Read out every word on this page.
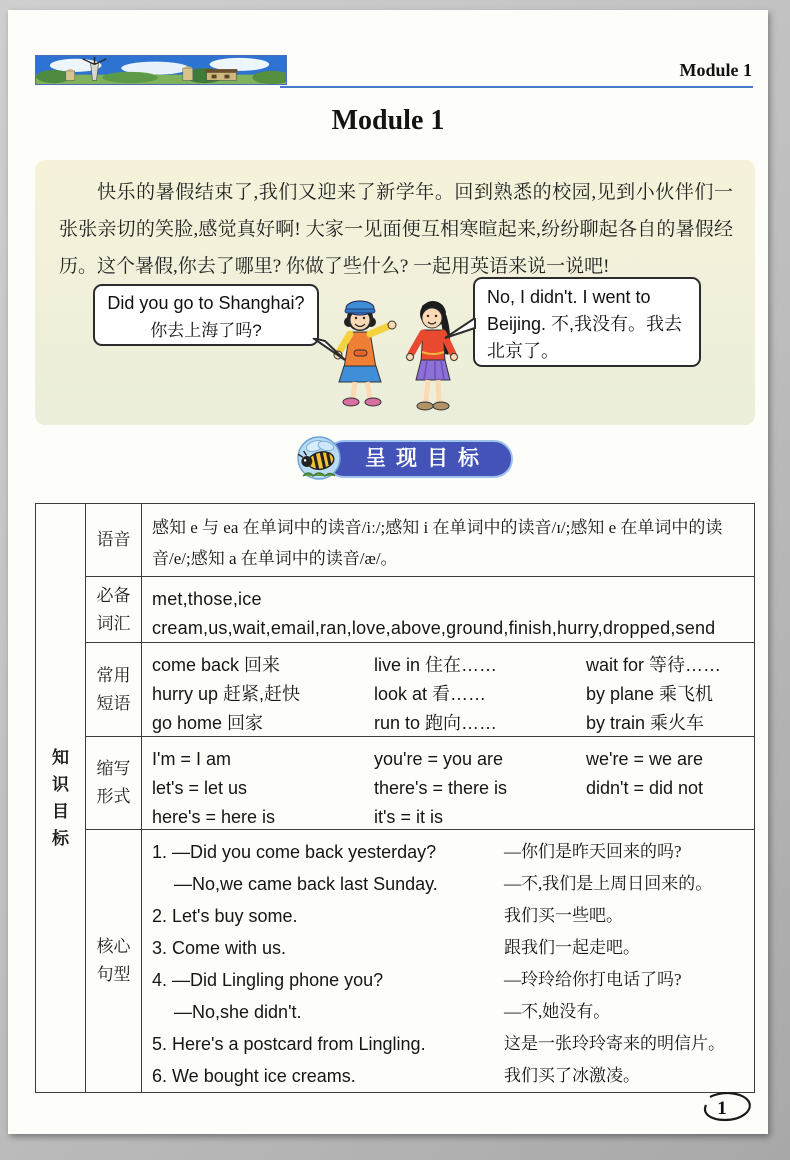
Module 1
Module 1

快乐的暑假结束了,我们又迎来了新学年。回到熟悉的校园,见到小伙伴们一张张亲切的笑脸,感觉真好啊! 大家一见面便互相寒暄起来,纷纷聊起各自的暑假经历。这个暑假,你去了哪里? 你做了些什么? 一起用英语来说一说吧!

Did you go to Shanghai?
你去上海了吗?
No, I didn't. I went to Beijing. 不,我没有。我去北京了。
呈现目标
知识目标
语音
感知 e 与 ea 在单词中的读音/iː/;感知 i 在单词中的读音/ɪ/;感知 e 在单词中的读音/e/;感知 a 在单词中的读音/æ/。
必备词汇
met,those,ice cream,us,wait,email,ran,love,above,ground,finish,hurry,dropped,send
常用短语
come back 回来	live in 住在……	wait for 等待……
hurry up 赶紧,赶快	look at 看……	by plane 乘飞机
go home 回家	run to 跑向……	by train 乘火车
缩写形式
I'm = I am	you're = you are	we're = we are
let's = let us	there's = there is	didn't = did not
here's = here is	it's = it is
核心句型
1. —Did you come back yesterday?	—你们是昨天回来的吗?
—No,we came back last Sunday.	—不,我们是上周日回来的。
2. Let's buy some.	我们买一些吧。
3. Come with us.	跟我们一起走吧。
4. —Did Lingling phone you?	—玲玲给你打电话了吗?
—No,she didn't.	—不,她没有。
5. Here's a postcard from Lingling.	这是一张玲玲寄来的明信片。
6. We bought ice creams.	我们买了冰激凌。
1
